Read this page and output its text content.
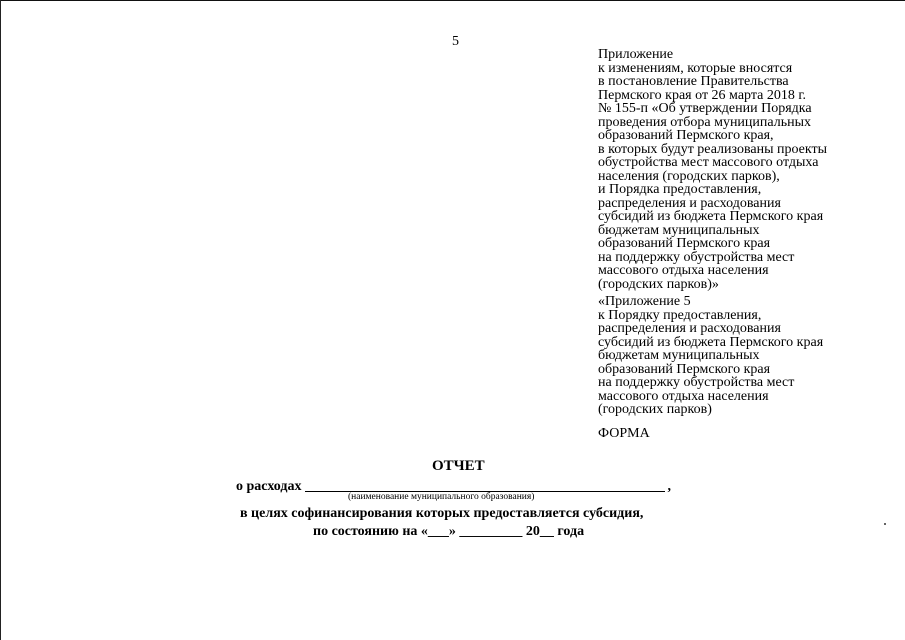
5

Приложение

к изменениям, которые вносятся

в постановление Правительства

Пермского края от 26 марта 2018 г.

№ 155-п «Об утверждении Порядка

проведения отбора муниципальных

образований Пермского края,

в которых будут реализованы проекты

обустройства мест массового отдыха

населения (городских парков),

и Порядка предоставления,

распределения и расходования

субсидий из бюджета Пермского края

бюджетам муниципальных

образований Пермского края

на поддержку обустройства мест

массового отдыха населения

(городских парков)»

«Приложение 5

к Порядку предоставления,

распределения и расходования

субсидий из бюджета Пермского края

бюджетам муниципальных

образований Пермского края

на поддержку обустройства мест

массового отдыха населения

(городских парков)

ФОРМА
ОТЧЕТ
о расходах	,
(наименование муниципального образования)
в целях софинансирования которых предоставляется субсидия,
по состоянию на «___» _________ 20__ года
